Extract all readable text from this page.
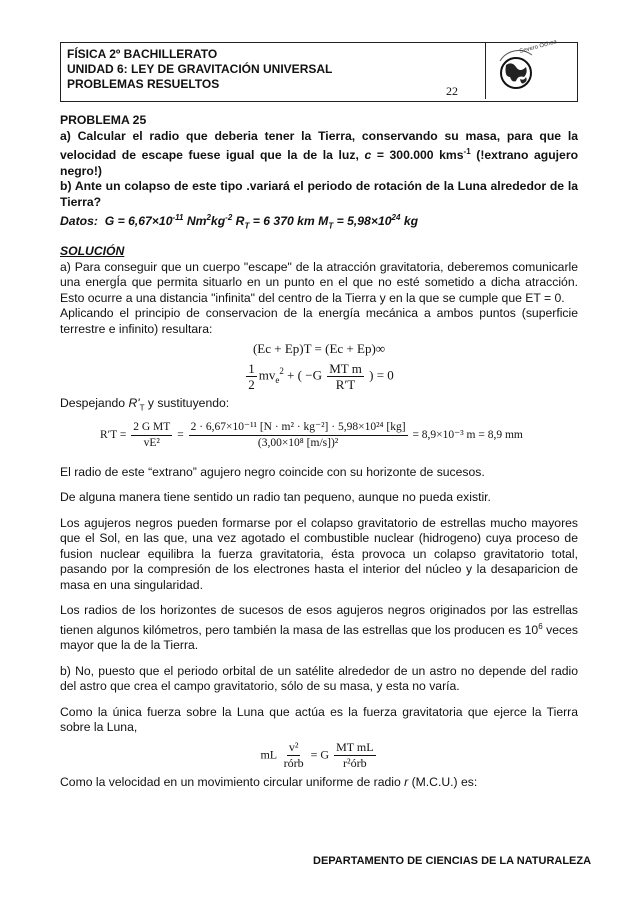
FÍSICA 2º BACHILLERATO
UNIDAD 6: LEY DE GRAVITACIÓN UNIVERSAL
PROBLEMAS RESUELTOS	22
Severo Ochoa

PROBLEMA 25

a) Calcular el radio que deberia tener la Tierra, conservando su masa, para que la velocidad de escape fuese igual que la de la luz, c = 300.000 kms$^{-1}$ (!extrano agujero negro!)

b) Ante un colapso de este tipo .variará el periodo de rotación de la Luna alrededor de la Tierra?

Datos: $G = 6,67\times 10^{-11}$ $Nm^2kg^{-2}$ $R_T = 6$ 370 km $M_T = 5,98\times 10^{24}$ kg

SOLUCIÓN

a) Para conseguir que un cuerpo "escape" de la atracción gravitatoria, deberemos comunicarle una energÍa que permita situarlo en un punto en el que no esté sometido a dicha atracción. Esto ocurre a una distancia "infinita" del centro de la Tierra y en la que se cumple que ET = 0.

Aplicando el principio de conservacion de la energía mecánica a ambos puntos (superficie terrestre e infinito) resultara:

(Ec + Ep)T = (Ec + Ep)∞
$\frac{1}{2} mv_e^2$ + ( $-G \frac{\text{MT m}}{R'T}$ ) = 0

Despejando $R'_T$ y sustituyendo:

$R'T = \frac{\text{2 G MT}}{\text{vE²}} = \frac{\text{2 · 6,67×10⁻¹¹ [N · m² · kg⁻²] · 5,98×10²⁴ [kg]}}{\text{(3,00×10⁸ [m/s])²}} = 8,9\times 10^{-3}$ m = 8,9 mm

El radio de este “extrano” agujero negro coincide con su horizonte de sucesos.

De alguna manera tiene sentido un radio tan pequeno, aunque no pueda existir.

Los agujeros negros pueden formarse por el colapso gravitatorio de estrellas mucho mayores que el Sol, en las que, una vez agotado el combustible nuclear (hidrogeno) cuya proceso de fusion nuclear equilibra la fuerza gravitatoria, ésta provoca un colapso gravitatorio total, pasando por la compresión de los electrones hasta el interior del núcleo y la desaparicion de masa en una singularidad.

Los radios de los horizontes de sucesos de esos agujeros negros originados por las estrellas tienen algunos kilómetros, pero también la masa de las estrellas que los producen es $10^6$ veces mayor que la de la Tierra.

b) No, puesto que el periodo orbital de un satélite alrededor de un astro no depende del radio del astro que crea el campo gravitatorio, sólo de su masa, y esta no varía.

Como la única fuerza sobre la Luna que actúa es la fuerza gravitatoria que ejerce la Tierra sobre la Luna,

mL $\frac{\text{v²}}{\text{rórb}} = G \frac{\text{MT mL}}{\text{r²órb}}$

Como la velocidad en un movimiento circular uniforme de radio r (M.C.U.) es:

DEPARTAMENTO DE CIENCIAS DE LA NATURALEZA
